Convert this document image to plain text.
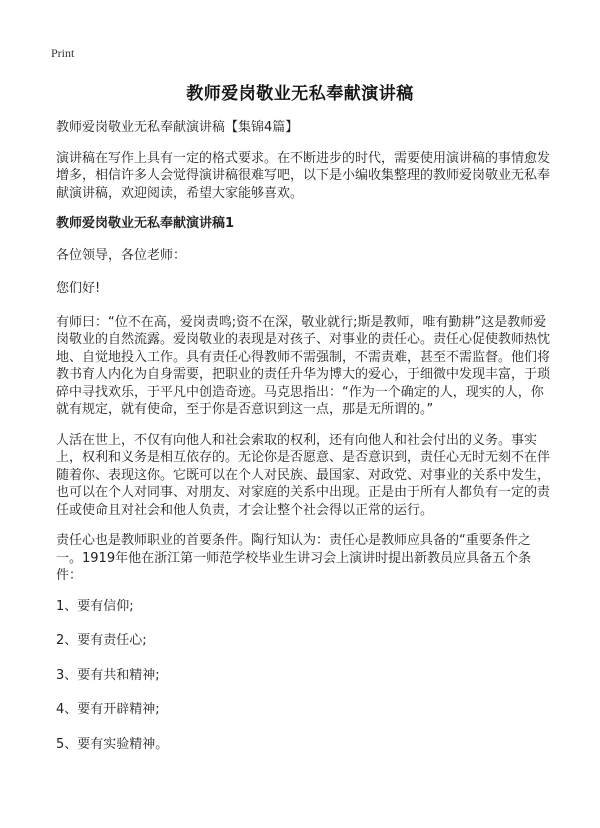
Print
教师爱岗敬业无私奉献演讲稿

教师爱岗敬业无私奉献演讲稿【集锦4篇】

演讲稿在写作上具有一定的格式要求。在不断进步的时代，需要使用演讲稿的事情愈发增多，相信许多人会觉得演讲稿很难写吧，以下是小编收集整理的教师爱岗敬业无私奉献演讲稿，欢迎阅读，希望大家能够喜欢。

教师爱岗敬业无私奉献演讲稿1

各位领导，各位老师：

您们好!

有师曰：“位不在高，爱岗责鸣;资不在深，敬业就行;斯是教师，唯有勤耕”这是教师爱岗敬业的自然流露。爱岗敬业的表现是对孩子、对事业的责任心。责任心促使教师热忱地、自觉地投入工作。具有责任心得教师不需强制，不需责难，甚至不需监督。他们将教书育人内化为自身需要，把职业的责任升华为博大的爱心，于细微中发现丰富，于琐碎中寻找欢乐，于平凡中创造奇迹。马克思指出：“作为一个确定的人，现实的人，你就有规定，就有使命，至于你是否意识到这一点，那是无所谓的。”

人活在世上，不仅有向他人和社会索取的权利，还有向他人和社会付出的义务。事实上，权利和义务是相互依存的。无论你是否愿意、是否意识到，责任心无时无刻不在伴随着你、表现这你。它既可以在个人对民族、最国家、对政党、对事业的关系中发生，也可以在个人对同事、对朋友、对家庭的关系中出现。正是由于所有人都负有一定的责任或使命且对社会和他人负责，才会让整个社会得以正常的运行。

责任心也是教师职业的首要条件。陶行知认为：责任心是教师应具备的“重要条件之一。1919年他在浙江第一师范学校毕业生讲习会上演讲时提出新教员应具备五个条件：

1、要有信仰;

2、要有责任心;

3、要有共和精神;

4、要有开辟精神;

5、要有实验精神。
